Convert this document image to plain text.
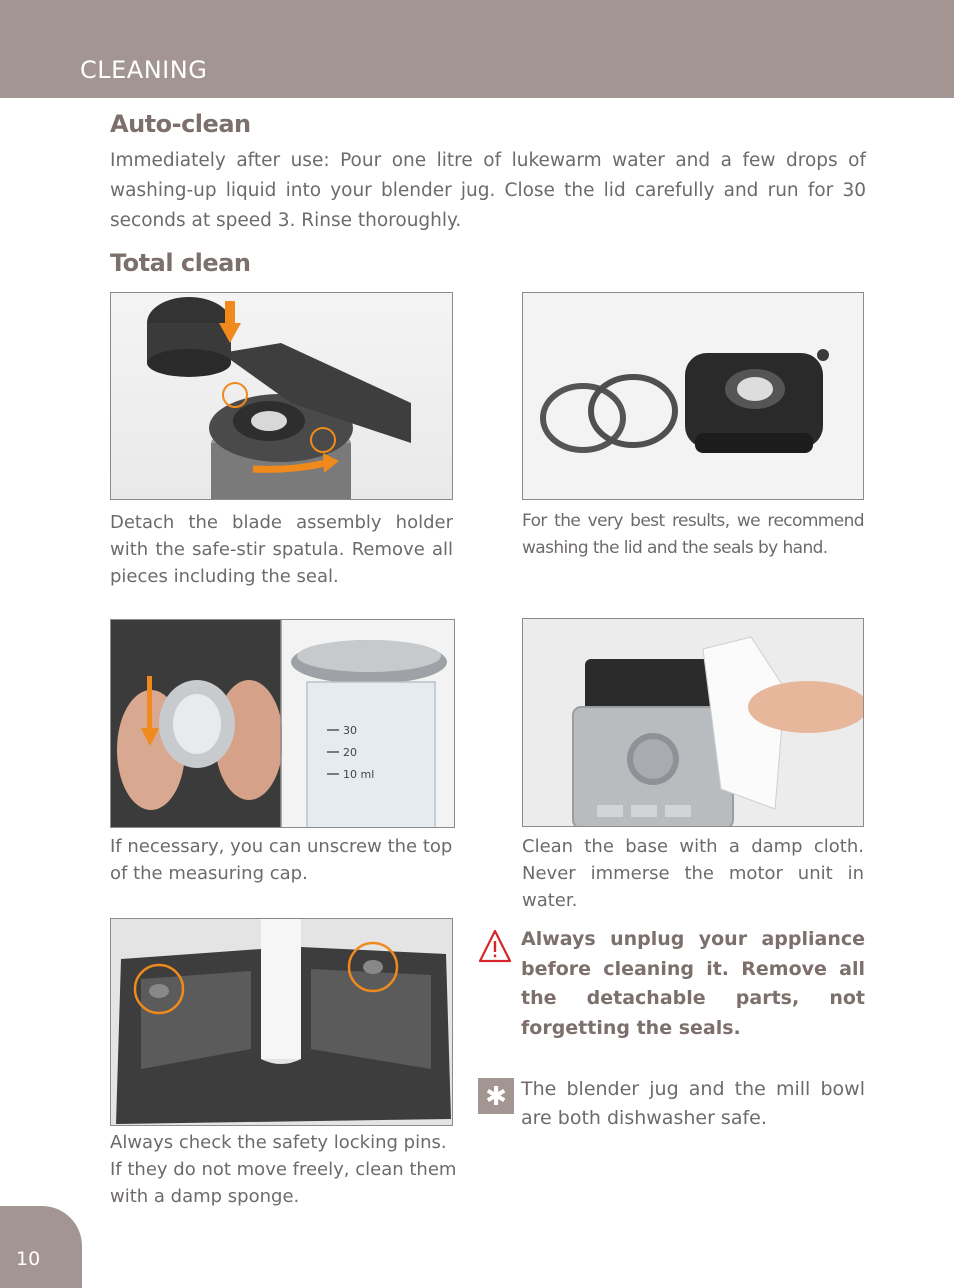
CLEANING
Auto-clean
Immediately after use: Pour one litre of lukewarm water and a few drops of washing-up liquid into your blender jug. Close the lid carefully and run for 30 seconds at speed 3. Rinse thoroughly.
Total clean
Detach the blade assembly holder with the safe-stir spatula. Remove all pieces including the seal.
For the very best results, we recommend washing the lid and the seals by hand.
30
20
10 ml
If necessary, you can unscrew the top of the measuring cap.
Clean the base with a damp cloth. Never immerse the motor unit in water.
Always check the safety locking pins. If they do not move freely, clean them with a damp sponge.
Always unplug your appliance before cleaning it. Remove all the detachable parts, not forgetting the seals.
✱ The blender jug and the mill bowl are both dishwasher safe.
10
